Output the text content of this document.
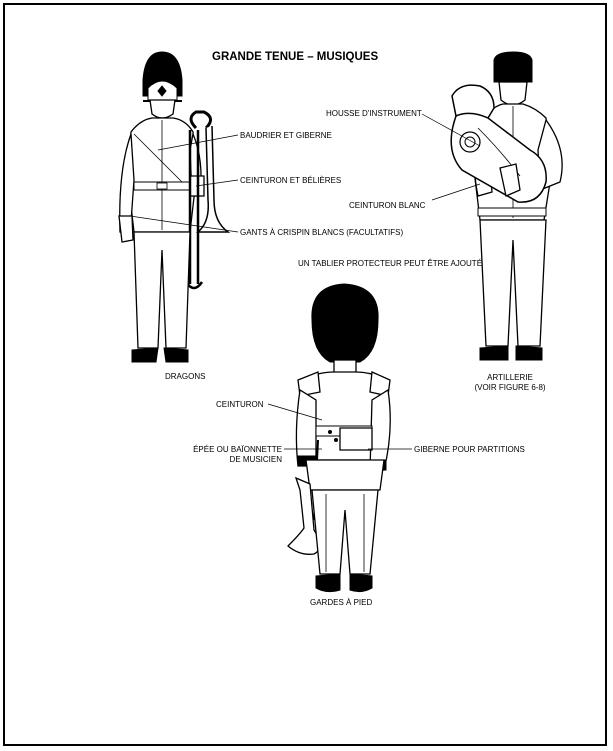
GRANDE TENUE – MUSIQUES
BAUDRIER ET GIBERNE
CEINTURON ET BÉLIÈRES
GANTS À CRISPIN BLANCS (FACULTATIFS)
HOUSSE D'INSTRUMENT
CEINTURON BLANC
UN TABLIER PROTECTEUR PEUT ÊTRE AJOUTÉ
DRAGONS	ARTILLERIE
(VOIR FIGURE 6-8)
CEINTURON
ÉPÉE OU BAÏONNETTE
DE MUSICIEN
GIBERNE POUR PARTITIONS
GARDES À PIED
